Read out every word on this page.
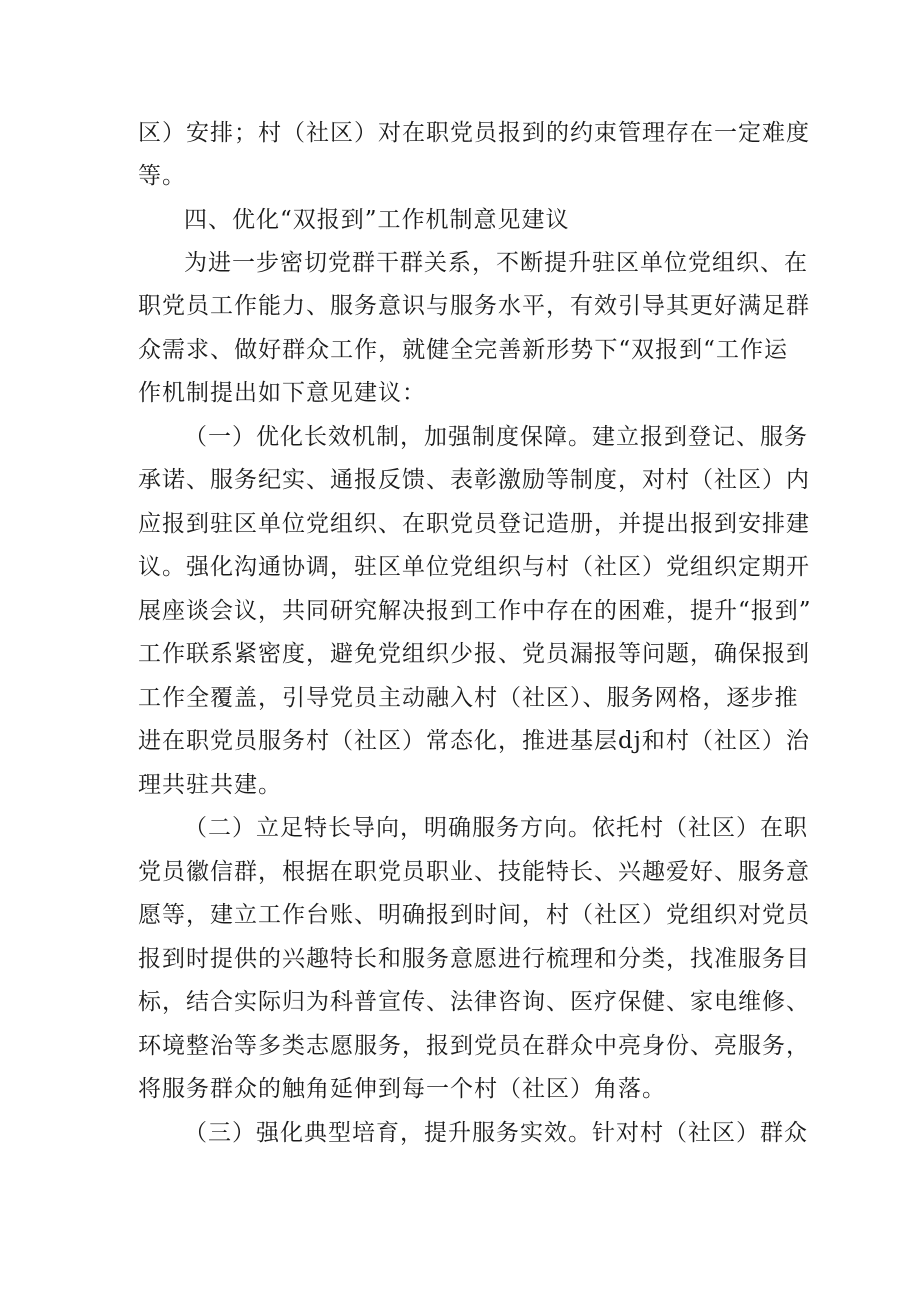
区）安排；村（社区）对在职党员报到的约束管理存在一定难度
等。
四、优化“双报到”工作机制意见建议
为进一步密切党群干群关系，不断提升驻区单位党组织、在
职党员工作能力、服务意识与服务水平，有效引导其更好满足群
众需求、做好群众工作，就健全完善新形势下“双报到“工作运
作机制提出如下意见建议：
（一）优化长效机制，加强制度保障。建立报到登记、服务
承诺、服务纪实、通报反馈、表彰激励等制度，对村（社区）内
应报到驻区单位党组织、在职党员登记造册，并提出报到安排建
议。强化沟通协调，驻区单位党组织与村（社区）党组织定期开
展座谈会议，共同研究解决报到工作中存在的困难，提升“报到”
工作联系紧密度，避免党组织少报、党员漏报等问题，确保报到
工作全覆盖，引导党员主动融入村（社区）、服务网格，逐步推
进在职党员服务村（社区）常态化，推进基层dj和村（社区）治
理共驻共建。
（二）立足特长导向，明确服务方向。依托村（社区）在职
党员徽信群，根据在职党员职业、技能特长、兴趣爱好、服务意
愿等，建立工作台账、明确报到时间，村（社区）党组织对党员
报到时提供的兴趣特长和服务意愿进行梳理和分类，找准服务目
标，结合实际归为科普宣传、法律咨询、医疗保健、家电维修、
环境整治等多类志愿服务，报到党员在群众中亮身份、亮服务，
将服务群众的触角延伸到每一个村（社区）角落。
（三）强化典型培育，提升服务实效。针对村（社区）群众
